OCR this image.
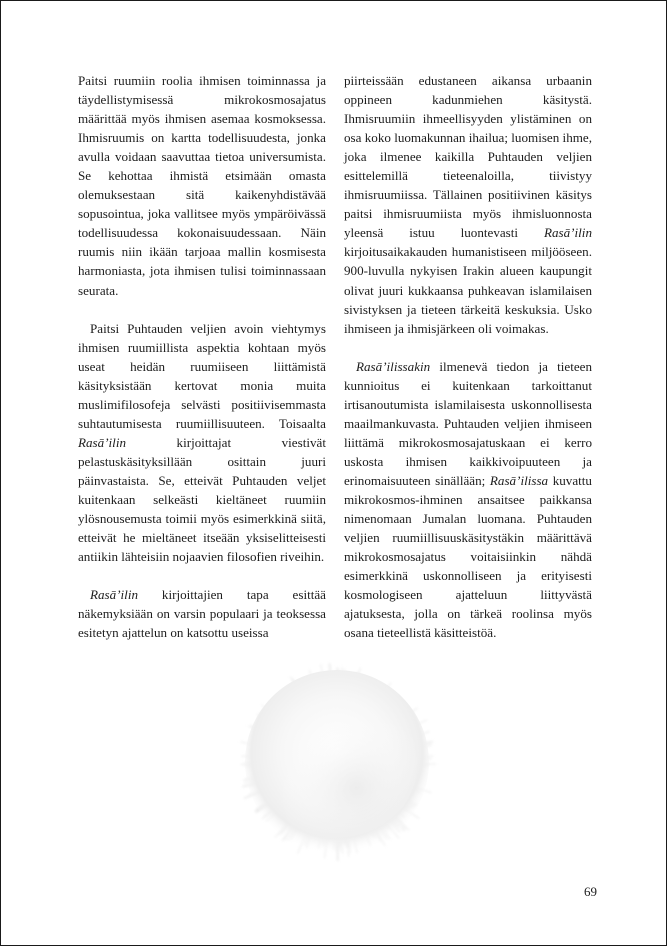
Paitsi ruumiin roolia ihmisen toiminnassa ja täydellistymisessä mikrokosmosajatus määrittää myös ihmisen asemaa kosmoksessa. Ihmisruumis on kartta todellisuudesta, jonka avulla voidaan saavuttaa tietoa universumista. Se kehottaa ihmistä etsimään omasta olemuksestaan sitä kaikenyhdistävää sopusointua, joka vallitsee myös ympäröivässä todellisuudessa kokonaisuudessaan. Näin ruumis niin ikään tarjoaa mallin kosmisesta harmoniasta, jota ihmisen tulisi toiminnassaan seurata.

Paitsi Puhtauden veljien avoin viehtymys ihmisen ruumiillista aspektia kohtaan myös useat heidän ruumiiseen liittämistä käsityksistään kertovat monia muita muslimifilosofeja selvästi positiivisemmasta suhtautumisesta ruumiillisuuteen. Toisaalta Rasā’ilin kirjoittajat viestivät pelastuskäsityksillään osittain juuri päinvastaista. Se, etteivät Puhtauden veljet kuitenkaan selkeästi kieltäneet ruumiin ylösnousemusta toimii myös esimerkkinä siitä, etteivät he mieltäneet itseään yksiselitteisesti antiikin lähteisiin nojaavien filosofien riveihin.

Rasā’ilin kirjoittajien tapa esittää näkemyksiään on varsin populaari ja teoksessa esitetyn ajattelun on katsottu useissa

piirteissään edustaneen aikansa urbaanin oppineen kadunmiehen käsitystä. Ihmisruumiin ihmeellisyyden ylistäminen on osa koko luomakunnan ihailua; luomisen ihme, joka ilmenee kaikilla Puhtauden veljien esittelemillä tieteenaloilla, tiivistyy ihmisruumiissa. Tällainen positiivinen käsitys paitsi ihmisruumiista myös ihmisluonnosta yleensä istuu luontevasti Rasā’ilin kirjoitusaikakauden humanistiseen miljööseen. 900-luvulla nykyisen Irakin alueen kaupungit olivat juuri kukkaansa puhkeavan islamilaisen sivistyksen ja tieteen tärkeitä keskuksia. Usko ihmiseen ja ihmisjärkeen oli voimakas.

Rasā’ilissakin ilmenevä tiedon ja tieteen kunnioitus ei kuitenkaan tarkoittanut irtisanoutumista islamilaisesta uskonnollisesta maailmankuvasta. Puhtauden veljien ihmiseen liittämä mikrokosmosajatuskaan ei kerro uskosta ihmisen kaikkivoipuuteen ja erinomaisuuteen sinällään; Rasā’ilissa kuvattu mikrokosmos-ihminen ansaitsee paikkansa nimenomaan Jumalan luomana. Puhtauden veljien ruumiillisuuskäsitystäkin määrittävä mikrokosmosajatus voitaisiinkin nähdä esimerkkinä uskonnolliseen ja erityisesti kosmologiseen ajatteluun liittyvästä ajatuksesta, jolla on tärkeä roolinsa myös osana tieteellistä käsitteistöä.

69
